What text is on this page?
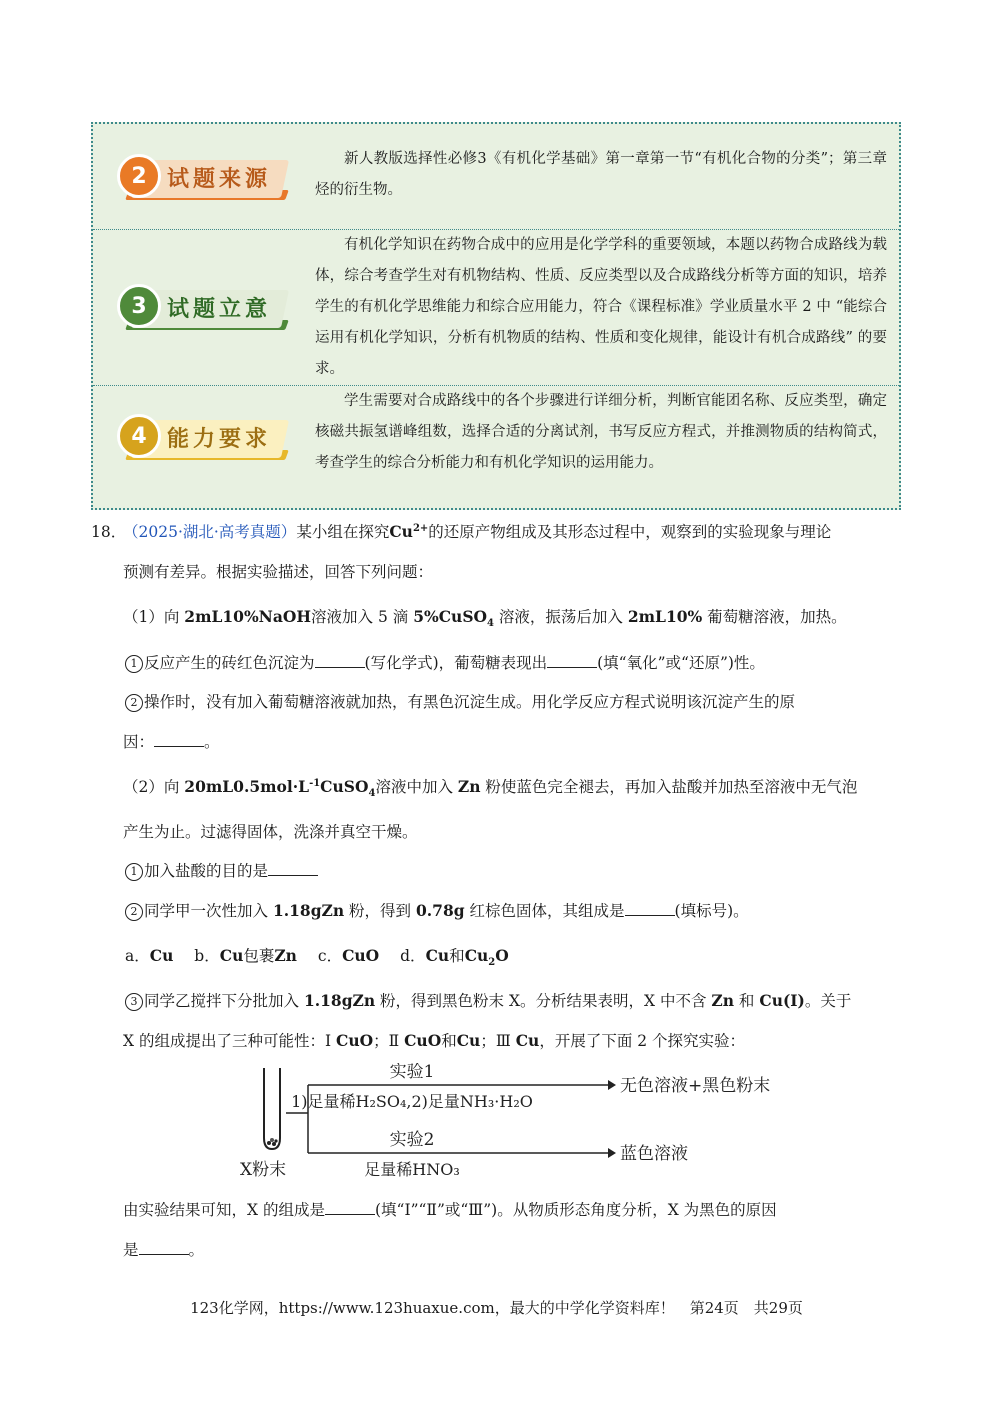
2 试题来源
新人教版选择性必修3《有机化学基础》第一章第一节“有机化合物的分类”；第三章　烃的衍生物。
3 试题立意
有机化学知识在药物合成中的应用是化学学科的重要领域，本题以药物合成路线为载体，综合考查学生对有机物结构、性质、反应类型以及合成路线分析等方面的知识，培养学生的有机化学思维能力和综合应用能力，符合《课程标准》学业质量水平 2 中 “能综合运用有机化学知识，分析有机物质的结构、性质和变化规律，能设计有机合成路线” 的要求。
4 能力要求
学生需要对合成路线中的各个步骤进行详细分析，判断官能团名称、反应类型，确定核磁共振氢谱峰组数，选择合适的分离试剂，书写反应方程式，并推测物质的结构简式，考查学生的综合分析能力和有机化学知识的运用能力。
18．
（2025·湖北·高考真题）某小组在探究$Cu^{2+}$的还原产物组成及其形态过程中，观察到的实验现象与理论
预测有差异。根据实验描述，回答下列问题：
（1）向 2mL10%NaOH溶液加入 5 滴 5%CuSO$_4$ 溶液，振荡后加入 2mL10% 葡萄糖溶液，加热。
1 反应产生的砖红色沉淀为	(写化学式)，葡萄糖表现出	(填“氧化”或“还原”)性。
2 操作时，没有加入葡萄糖溶液就加热，有黑色沉淀生成。用化学反应方程式说明该沉淀产生的原
因：	。
（2）向 $20mL0.5mol\cdot L^{-1}CuSO_4$溶液中加入 Zn 粉使蓝色完全褪去，再加入盐酸并加热至溶液中无气泡
产生为止。过滤得固体，洗涤并真空干燥。
1 加入盐酸的目的是
2 同学甲一次性加入 1.18gZn 粉，得到 0.78g 红棕色固体，其组成是	(填标号)。
a．Cu b．Cu包裹Zn c．CuO d．Cu和$Cu_2O$
3 同学乙搅拌下分批加入 1.18gZn 粉，得到黑色粉末 X。分析结果表明，X 中不含 Zn 和 Cu(Ⅰ)。关于
X 的组成提出了三种可能性：Ⅰ CuO；Ⅱ CuO和Cu；Ⅲ Cu，开展了下面 2 个探究实验：
实验1
1)足量稀H₂SO₄,2)足量NH₃·H₂O
无色溶液+黑色粉末
实验2
足量稀HNO₃
蓝色溶液
X粉末
由实验结果可知，X 的组成是	(填“Ⅰ”“Ⅱ”或“Ⅲ”)。从物质形态角度分析，X 为黑色的原因
是	。
123化学网，https://www.123huaxue.com，最大的中学化学资料库！　第24页　共29页
